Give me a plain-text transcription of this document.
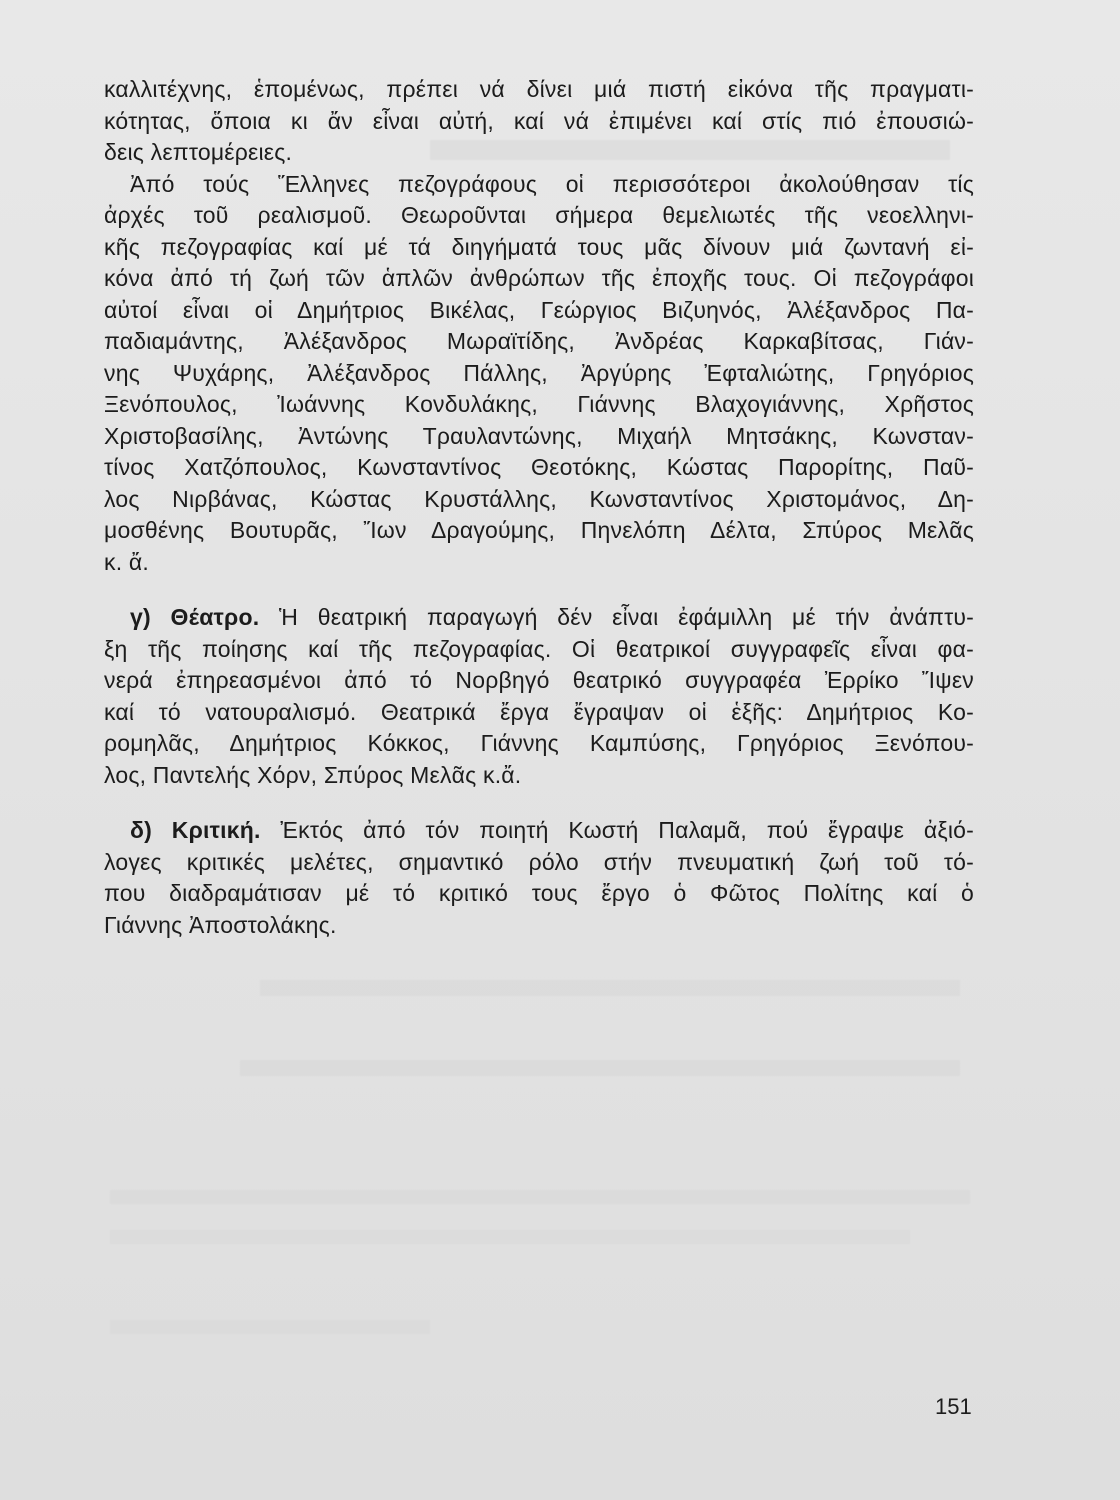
καλλιτέχνης, ἑπομένως, πρέπει νά δίνει μιά πιστή εἰκόνα τῆς πραγματι-
κότητας, ὅποια κι ἄν εἶναι αὐτή, καί νά ἐπιμένει καί στίς πιό ἐπουσιώ-
δεις λεπτομέρειες.
Ἀπό τούς Ἕλληνες πεζογράφους οἱ περισσότεροι ἀκολούθησαν τίς
ἀρχές τοῦ ρεαλισμοῦ. Θεωροῦνται σήμερα θεμελιωτές τῆς νεοελληνι-
κῆς πεζογραφίας καί μέ τά διηγήματά τους μᾶς δίνουν μιά ζωντανή εἰ-
κόνα ἀπό τή ζωή τῶν ἁπλῶν ἀνθρώπων τῆς ἐποχῆς τους. Οἱ πεζογράφοι
αὐτοί εἶναι οἱ Δημήτριος Βικέλας, Γεώργιος Βιζυηνός, Ἀλέξανδρος Πα-
παδιαμάντης, Ἀλέξανδρος Μωραϊτίδης, Ἀνδρέας Καρκαβίτσας, Γιάν-
νης Ψυχάρης, Ἀλέξανδρος Πάλλης, Ἀργύρης Ἐφταλιώτης, Γρηγόριος
Ξενόπουλος, Ἰωάννης Κονδυλάκης, Γιάννης Βλαχογιάννης, Χρῆστος
Χριστοβασίλης, Ἀντώνης Τραυλαντώνης, Μιχαήλ Μητσάκης, Κωνσταν-
τίνος Χατζόπουλος, Κωνσταντίνος Θεοτόκης, Κώστας Παρορίτης, Παῦ-
λος Νιρβάνας, Κώστας Κρυστάλλης, Κωνσταντίνος Χριστομάνος, Δη-
μοσθένης Βουτυρᾶς, Ἴων Δραγούμης, Πηνελόπη Δέλτα, Σπύρος Μελᾶς
κ. ἄ.
γ) Θέατρο. Ἡ θεατρική παραγωγή δέν εἶναι ἐφάμιλλη μέ τήν ἀνάπτυ-
ξη τῆς ποίησης καί τῆς πεζογραφίας. Οἱ θεατρικοί συγγραφεῖς εἶναι φα-
νερά ἐπηρεασμένοι ἀπό τό Νορβηγό θεατρικό συγγραφέα Ἐρρίκο Ἴψεν
καί τό νατουραλισμό. Θεατρικά ἔργα ἔγραψαν οἱ ἑξῆς: Δημήτριος Κο-
ρομηλᾶς, Δημήτριος Κόκκος, Γιάννης Καμπύσης, Γρηγόριος Ξενόπου-
λος, Παντελής Χόρν, Σπύρος Μελᾶς κ.ἄ.
δ) Κριτική. Ἐκτός ἀπό τόν ποιητή Κωστή Παλαμᾶ, πού ἔγραψε ἀξιό-
λογες κριτικές μελέτες, σημαντικό ρόλο στήν πνευματική ζωή τοῦ τό-
που διαδραμάτισαν μέ τό κριτικό τους ἔργο ὁ Φῶτος Πολίτης καί ὁ
Γιάννης Ἀποστολάκης.
151
